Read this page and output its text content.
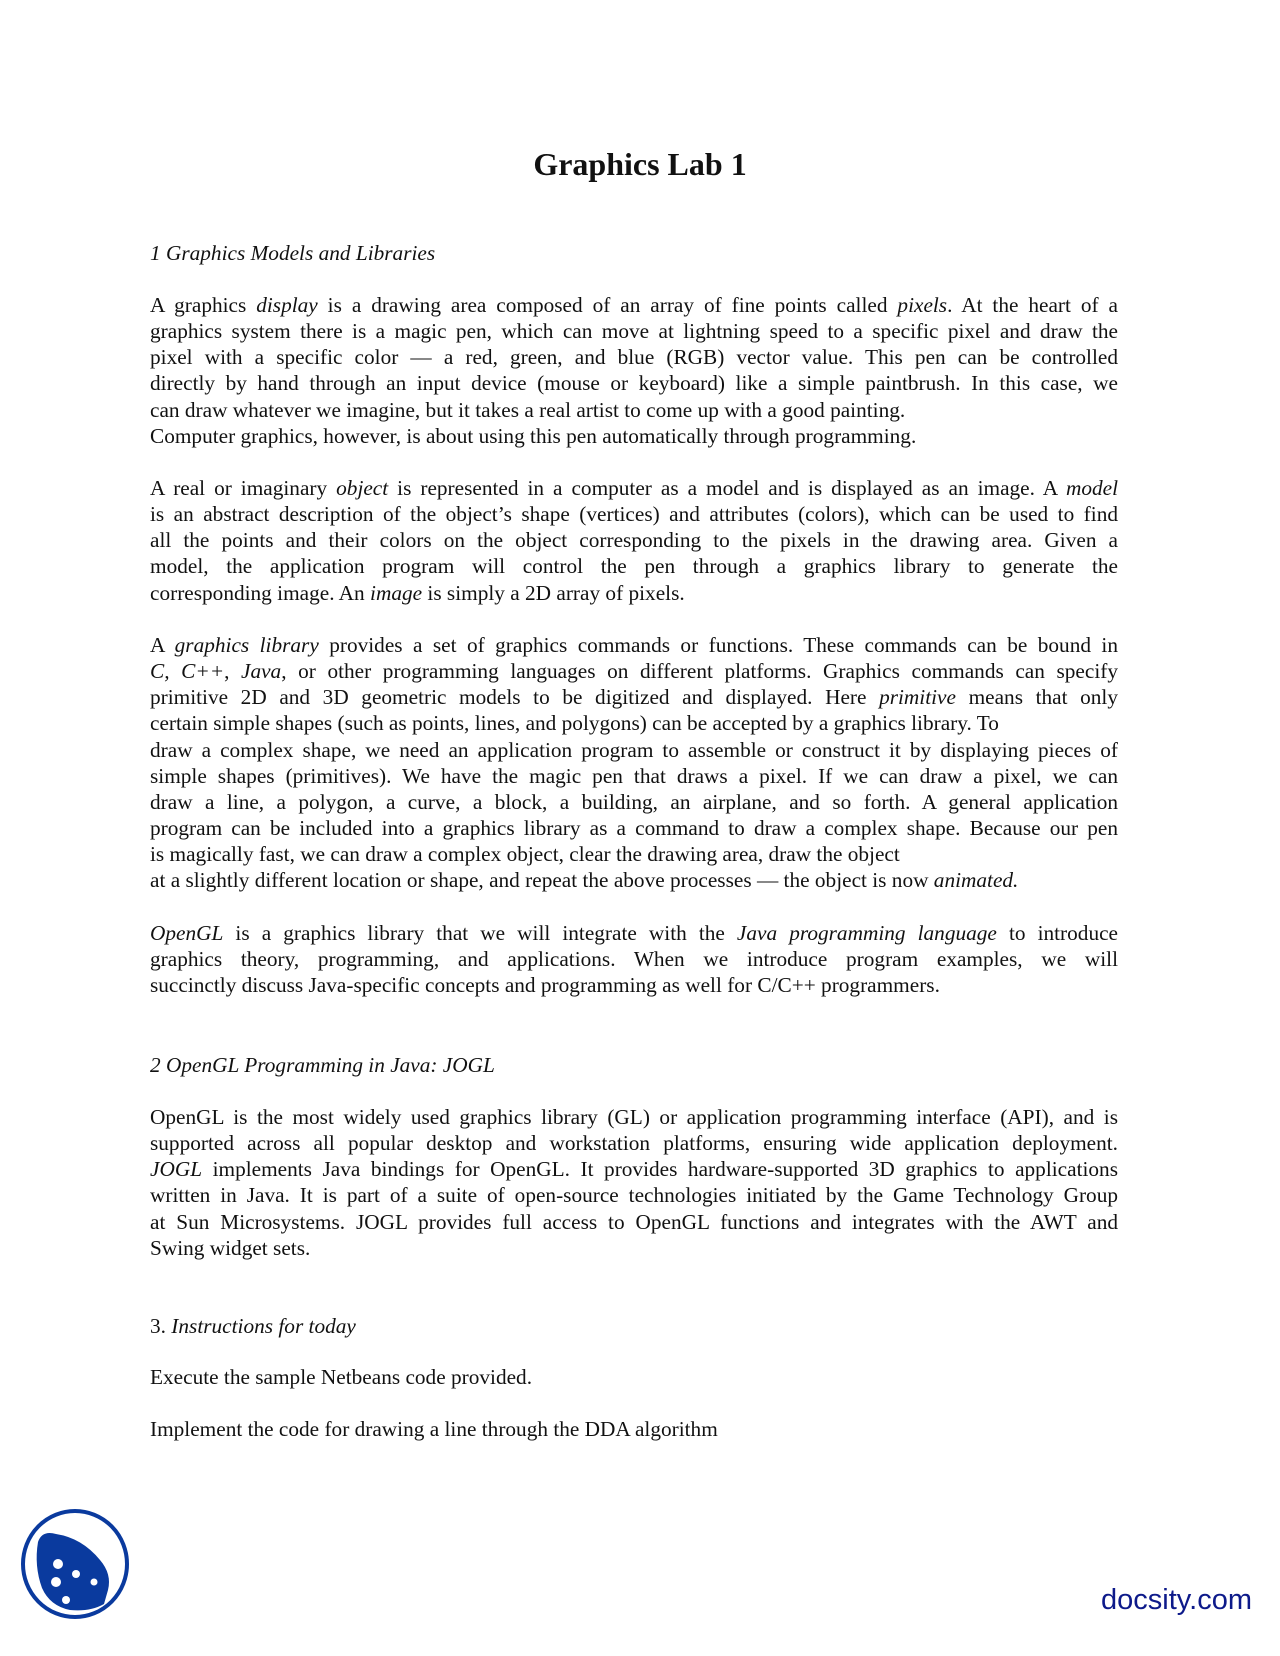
Graphics Lab 1
1 Graphics Models and Libraries
A graphics display is a drawing area composed of an array of fine points called pixels. At the heart of a
graphics system there is a magic pen, which can move at lightning speed to a specific pixel and draw the
pixel with a specific color — a red, green, and blue (RGB) vector value. This pen can be controlled
directly by hand through an input device (mouse or keyboard) like a simple paintbrush. In this case, we
can draw whatever we imagine, but it takes a real artist to come up with a good painting.
Computer graphics, however, is about using this pen automatically through programming.
A real or imaginary object is represented in a computer as a model and is displayed as an image. A model
is an abstract description of the object’s shape (vertices) and attributes (colors), which can be used to find
all the points and their colors on the object corresponding to the pixels in the drawing area. Given a
model, the application program will control the pen through a graphics library to generate the
corresponding image. An image is simply a 2D array of pixels.
A graphics library provides a set of graphics commands or functions. These commands can be bound in
C, C++, Java, or other programming languages on different platforms. Graphics commands can specify
primitive 2D and 3D geometric models to be digitized and displayed. Here primitive means that only
certain simple shapes (such as points, lines, and polygons) can be accepted by a graphics library. To
draw a complex shape, we need an application program to assemble or construct it by displaying pieces of
simple shapes (primitives). We have the magic pen that draws a pixel. If we can draw a pixel, we can
draw a line, a polygon, a curve, a block, a building, an airplane, and so forth. A general application
program can be included into a graphics library as a command to draw a complex shape. Because our pen
is magically fast, we can draw a complex object, clear the drawing area, draw the object
at a slightly different location or shape, and repeat the above processes — the object is now animated.
OpenGL is a graphics library that we will integrate with the Java programming language to introduce
graphics theory, programming, and applications. When we introduce program examples, we will
succinctly discuss Java-specific concepts and programming as well for C/C++ programmers.
2 OpenGL Programming in Java: JOGL
OpenGL is the most widely used graphics library (GL) or application programming interface (API), and is
supported across all popular desktop and workstation platforms, ensuring wide application deployment.
JOGL implements Java bindings for OpenGL. It provides hardware-supported 3D graphics to applications
written in Java. It is part of a suite of open-source technologies initiated by the Game Technology Group
at Sun Microsystems. JOGL provides full access to OpenGL functions and integrates with the AWT and
Swing widget sets.
3. Instructions for today
Execute the sample Netbeans code provided.
Implement the code for drawing a line through the DDA algorithm
docsity.com
